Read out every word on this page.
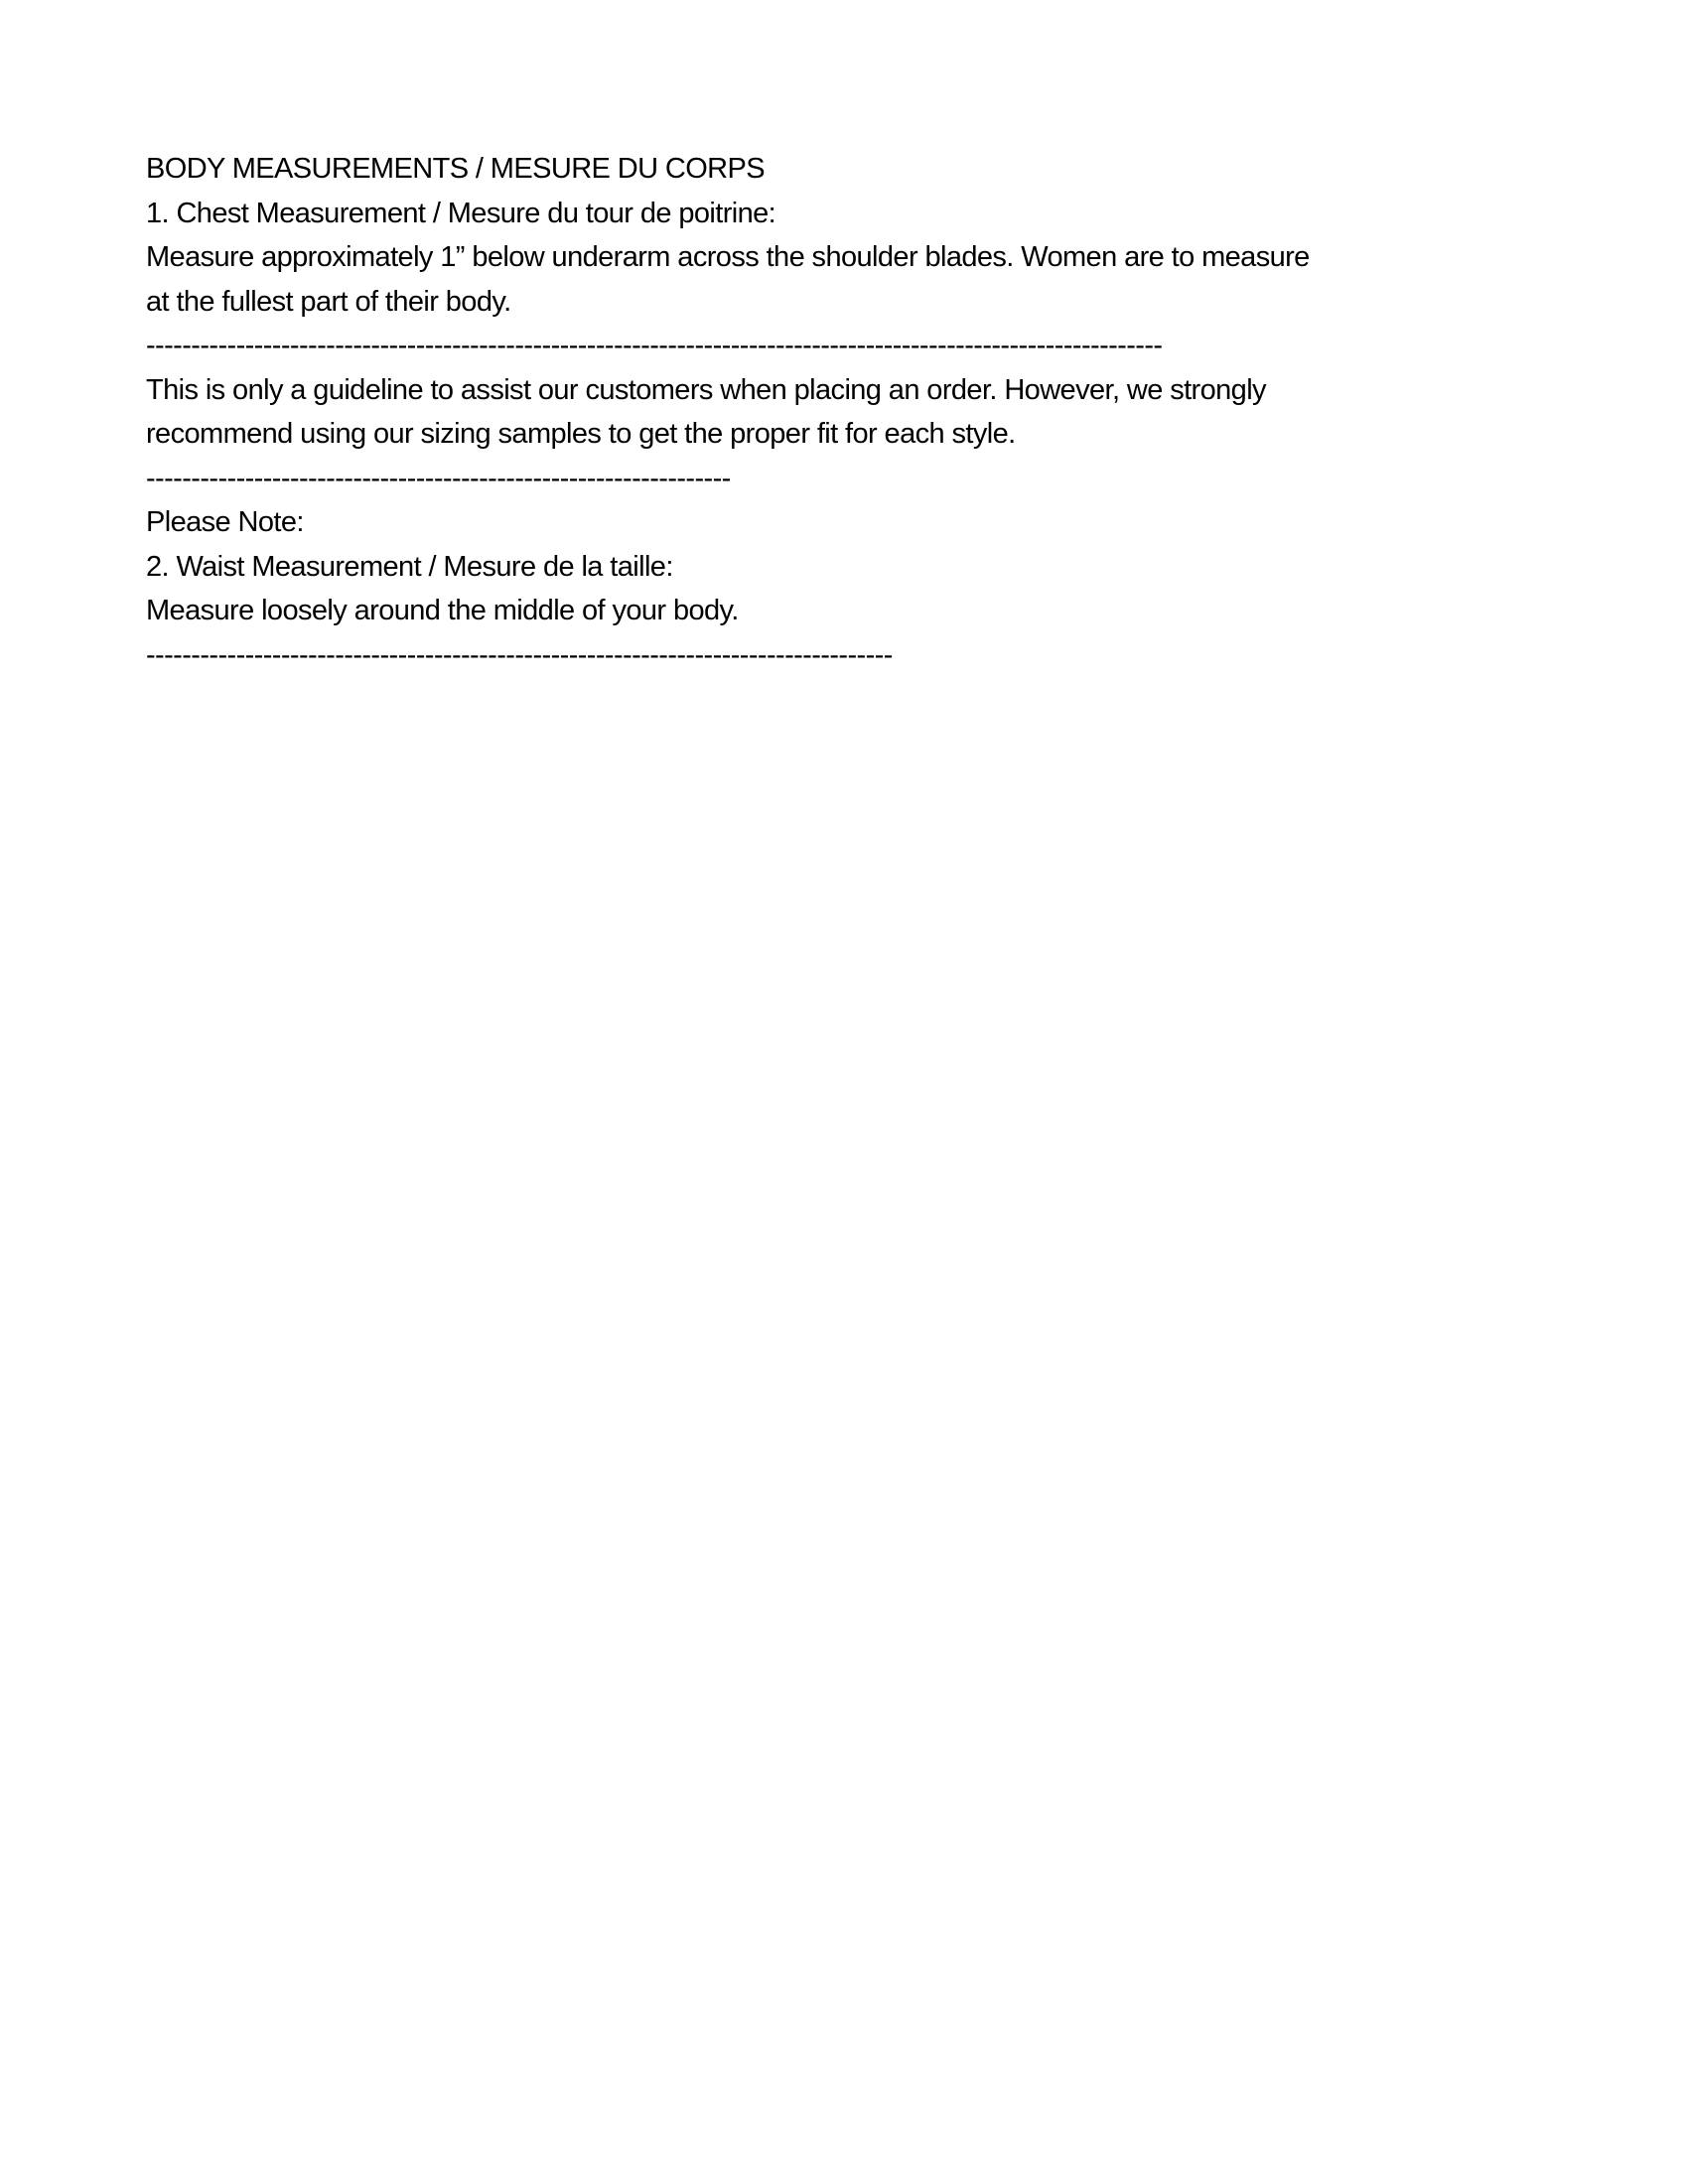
BODY MEASUREMENTS / MESURE DU CORPS
1. Chest Measurement / Mesure du tour de poitrine:
Measure approximately 1” below underarm across the shoulder blades. Women are to measure
at the fullest part of their body.
-----------------------------------------------------------------------------------------------------------------
This is only a guideline to assist our customers when placing an order. However, we strongly
recommend using our sizing samples to get the proper fit for each style.
-----------------------------------------------------------------
Please Note:
2. Waist Measurement / Mesure de la taille:
Measure loosely around the middle of your body.
-----------------------------------------------------------------------------------
